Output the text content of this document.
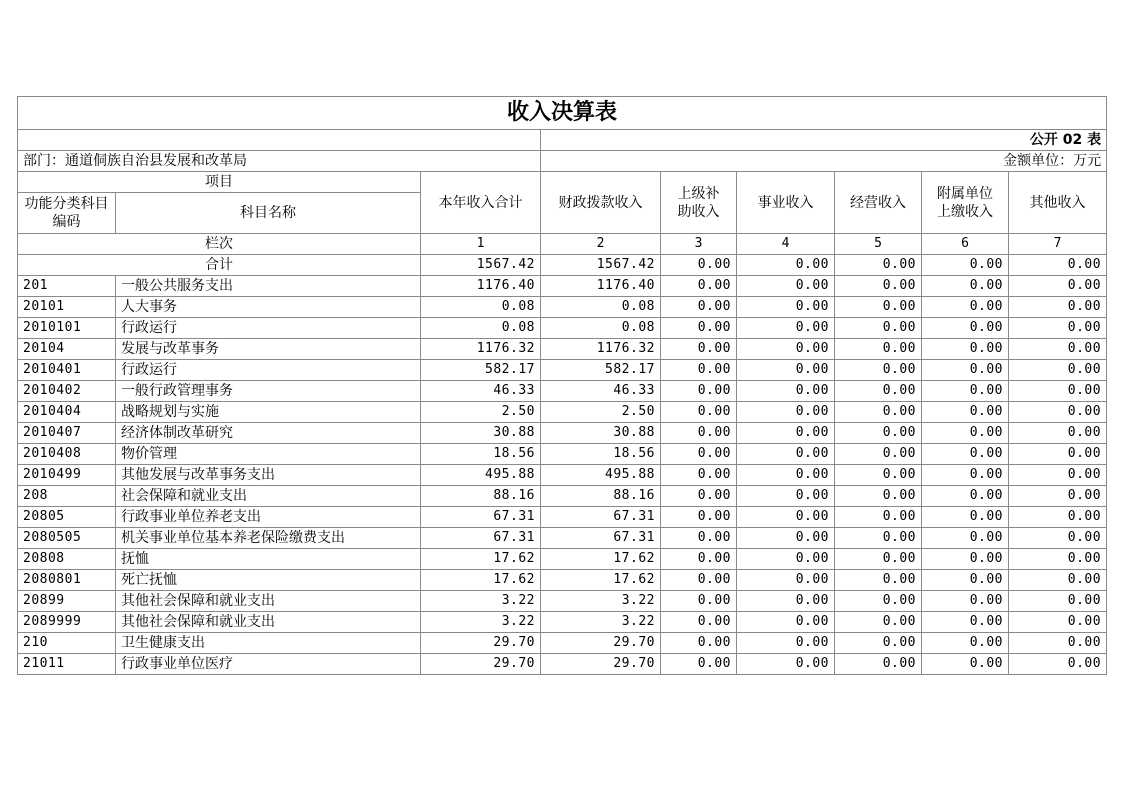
收入决算表								
			公开 02 表					
部门：通道侗族自治县发展和改革局			金额单位：万元					
项目		本年收入合计	财政拨款收入	上级补助收入	事业收入	经营收入	附属单位上缴收入	其他收入
功能分类科目编码	科目名称							
栏次		1	2	3	4	5	6	7
合计		1567.42	1567.42	0.00	0.00	0.00	0.00	0.00
201	一般公共服务支出	1176.40	1176.40	0.00	0.00	0.00	0.00	0.00
20101	人大事务	0.08	0.08	0.00	0.00	0.00	0.00	0.00
2010101	行政运行	0.08	0.08	0.00	0.00	0.00	0.00	0.00
20104	发展与改革事务	1176.32	1176.32	0.00	0.00	0.00	0.00	0.00
2010401	行政运行	582.17	582.17	0.00	0.00	0.00	0.00	0.00
2010402	一般行政管理事务	46.33	46.33	0.00	0.00	0.00	0.00	0.00
2010404	战略规划与实施	2.50	2.50	0.00	0.00	0.00	0.00	0.00
2010407	经济体制改革研究	30.88	30.88	0.00	0.00	0.00	0.00	0.00
2010408	物价管理	18.56	18.56	0.00	0.00	0.00	0.00	0.00
2010499	其他发展与改革事务支出	495.88	495.88	0.00	0.00	0.00	0.00	0.00
208	社会保障和就业支出	88.16	88.16	0.00	0.00	0.00	0.00	0.00
20805	行政事业单位养老支出	67.31	67.31	0.00	0.00	0.00	0.00	0.00
2080505	机关事业单位基本养老保险缴费支出	67.31	67.31	0.00	0.00	0.00	0.00	0.00
20808	抚恤	17.62	17.62	0.00	0.00	0.00	0.00	0.00
2080801	死亡抚恤	17.62	17.62	0.00	0.00	0.00	0.00	0.00
20899	其他社会保障和就业支出	3.22	3.22	0.00	0.00	0.00	0.00	0.00
2089999	其他社会保障和就业支出	3.22	3.22	0.00	0.00	0.00	0.00	0.00
210	卫生健康支出	29.70	29.70	0.00	0.00	0.00	0.00	0.00
21011	行政事业单位医疗	29.70	29.70	0.00	0.00	0.00	0.00	0.00
